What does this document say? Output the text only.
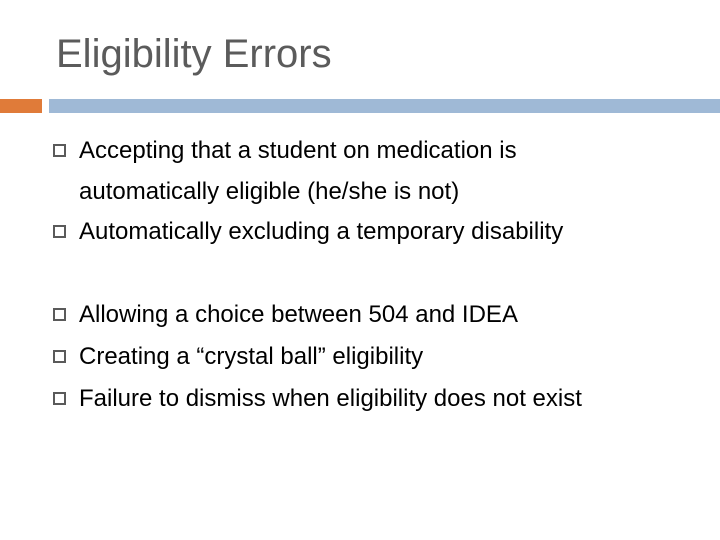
Eligibility Errors
Accepting that a student on medication is automatically eligible (he/she is not)
Automatically excluding a temporary disability
Allowing a choice between 504 and IDEA
Creating a “crystal ball” eligibility
Failure to dismiss when eligibility does not exist
